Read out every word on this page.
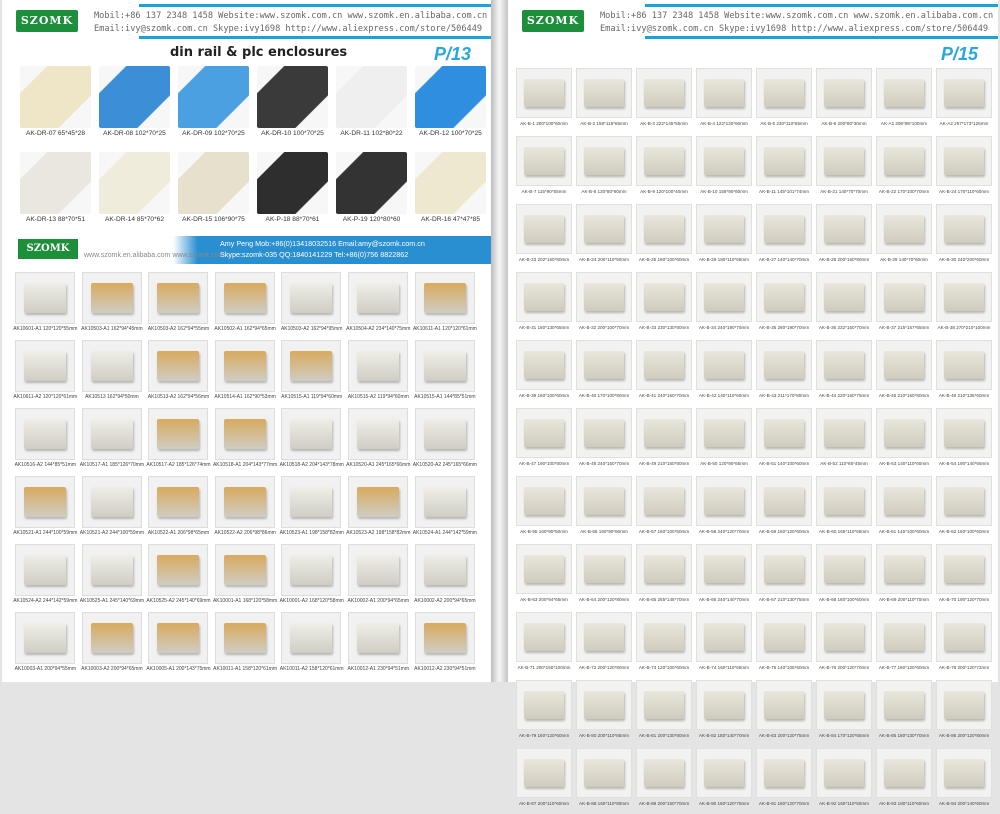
SZOMK	Mobil:+86 137 2348 1458 Website:www.szomk.com.cn www.szomk.en.alibaba.com.cn
Email:ivy@szomk.com.cn Skype:ivy1698 http://www.aliexpress.com/store/506449
din rail & plc enclosures	P/13
AK-DR-07 65*45*28	AK-DR-08 102*70*25	AK-DR-09 102*70*25	AK-DR-10 100*70*25	AK-DR-11 102*80*22	AK-DR-12 100*70*25
AK-DR-13 88*70*51	AK-DR-14 85*70*62	AK-DR-15 106*90*75	AK-P-18 88*70*61	AK-P-19 120*80*60	AK-DR-16 47*47*85
SZOMK
www.szomk.en.alibaba.com www.szomk.com.cn
Amy Peng Mob:+86(0)13418032516 Email:amy@szomk.com.cn
Skype:szomk-035 QQ:1840141229 Tel:+86(0)756 8822862
AK10601-A1 120*120*55mm AK10503-A1 162*94*45mm	AK10503-A2 162*94*55mm	AK10502-A1 162*94*65mm	AK10503-A2 162*94*95mm AK10504-A2 234*140*75mm AK10611-A1 120*120*61mm
AK10611-A2 120*120*61mm	AK10513 162*94*50mm	AK10513-A2 162*94*56mm	AK10514-A1 162*90*53mm	AK10515-A1 119*94*60mm	AK10515-A2 119*94*60mm	AK10515-A1 144*85*51mm
AK10516-A2 144*85*51mm AK10517-A1 185*126*70mm AK10517-A2 185*126*74mm AK10518-A1 204*143*77mm AK10518-A2 204*143*78mm AK10520-A1 245*165*66mm AK10520-A2 245*165*66mm
AK10521-A1 244*100*59mm AK10521-A2 244*100*59mm AK10522-A1 206*98*65mm	AK10522-A2 206*98*86mm AK10523-A1 198*158*82mm AK10523-A2 198*158*82mm AK10524-A1 244*142*59mm
AK10524-A2 244*142*59mm AK10525-A1 245*140*69mm AK10525-A2 245*140*69mm AK10001-A1 168*120*58mm AK10001-A2 168*120*58mm AK10002-A1 200*94*65mm	AK10002-A2 200*94*65mm
AK10003-A1 200*94*55mm	AK10003-A2 200*94*65mm AK10005-A1 200*143*75mm AK10011-A1 158*120*61mm AK10011-A2 158*120*61mm AK10012-A1 230*94*51mm	AK10012-A2 230*94*51mm
SZOMK	Mobil:+86 137 2348 1458 Website:www.szomk.com.cn www.szomk.en.alibaba.com.cn
Email:ivy@szomk.com.cn Skype:ivy1698 http://www.aliexpress.com/store/506449
P/15
AK-B-1 200*100*60mm	AK-B-2 158*118*65mm	AK-B-3 222*145*55mm	AK-B-4 122*120*60mm	AK-B-5 230*110*65mm	AK-B-6 200*80*30mm	AK-A1 295*95*100mm	AK-A2 257*173*126mm
AK-B-7 115*90*55mm	AK-B-8 130*80*60mm	AK-B-9 120*100*40mm	AK-B-10 158*90*60mm	AK-B-11 145*101*74mm	AK-B-21 140*70*70mm	AK-B-22 170*100*70mm	AK-B-24 170*110*60mm
AK-B-23 202*150*80mm	AK-B-24 200*110*50mm	AK-B-25 180*100*60mm	AK-B-26 180*110*65mm	AK-B-27 140*140*70mm	AK-B-28 200*150*80mm	AK-B-29 140*70*60mm	AK-B-30 240*200*60mm
AK-B-31 180*130*65mm	AK-B-32 200*100*70mm	AK-B-33 230*130*80mm	AK-B-34 240*190*75mm	AK-B-35 280*190*70mm	AK-B-36 232*150*70mm	AK-B-37 215*157*65mm	AK-B-38 270*210*100mm
AK-B-39 160*100*60mm	AK-B-40 170*100*80mm	AK-B-41 240*150*70mm	AK-B-42 140*110*60mm	AK-B-43 211*170*80mm	AK-B-44 220*150*75mm	AK-B-45 210*150*80mm	AK-B-46 210*135*60mm
AK-B-47 190*100*80mm	AK-B-48 240*150*70mm	AK-B-49 210*150*80mm	AK-B-50 120*90*65mm	AK-B-51 140*100*60mm	AK-B-52 110*85*45mm	AK-B-53 140*110*60mm	AK-B-54 190*140*65mm
AK-B-55 160*90*50mm	AK-B-56 160*90*60mm	AK-B-57 160*100*50mm	AK-B-58 240*120*70mm	AK-B-59 150*120*60mm	AK-B-60 165*110*65mm	AK-B-61 145*100*60mm	AK-B-62 160*100*60mm
AK-B-63 200*94*65mm	AK-B-64 200*120*80mm	AK-B-65 255*145*70mm	AK-B-66 240*140*70mm	AK-B-67 210*130*75mm	AK-B-68 160*100*60mm	AK-B-69 200*110*70mm	AK-B-70 190*120*70mm
AK-B-71 200*150*100mm	AK-B-72 200*120*80mm	AK-B-73 120*100*60mm	AK-B-74 160*110*65mm	AK-B-75 140*105*60mm	AK-B-76 200*120*70mm	AK-B-77 180*120*60mm	AK-B-78 200*120*72mm
AK-B-79 160*120*60mm	AK-B-80 200*110*85mm	AK-B-81 200*130*80mm	AK-B-82 180*140*70mm	AK-B-83 200*120*75mm	AK-B-84 170*120*65mm	AK-B-85 180*130*70mm	AK-B-86 200*120*80mm
AK-B-87 200*110*60mm	AK-B-88 160*110*80mm	AK-B-89 200*150*70mm	AK-B-90 160*120*75mm	AK-B-91 180*120*70mm	AK-B-92 160*110*50mm	AK-B-93 180*110*60mm	AK-B-94 200*140*60mm
